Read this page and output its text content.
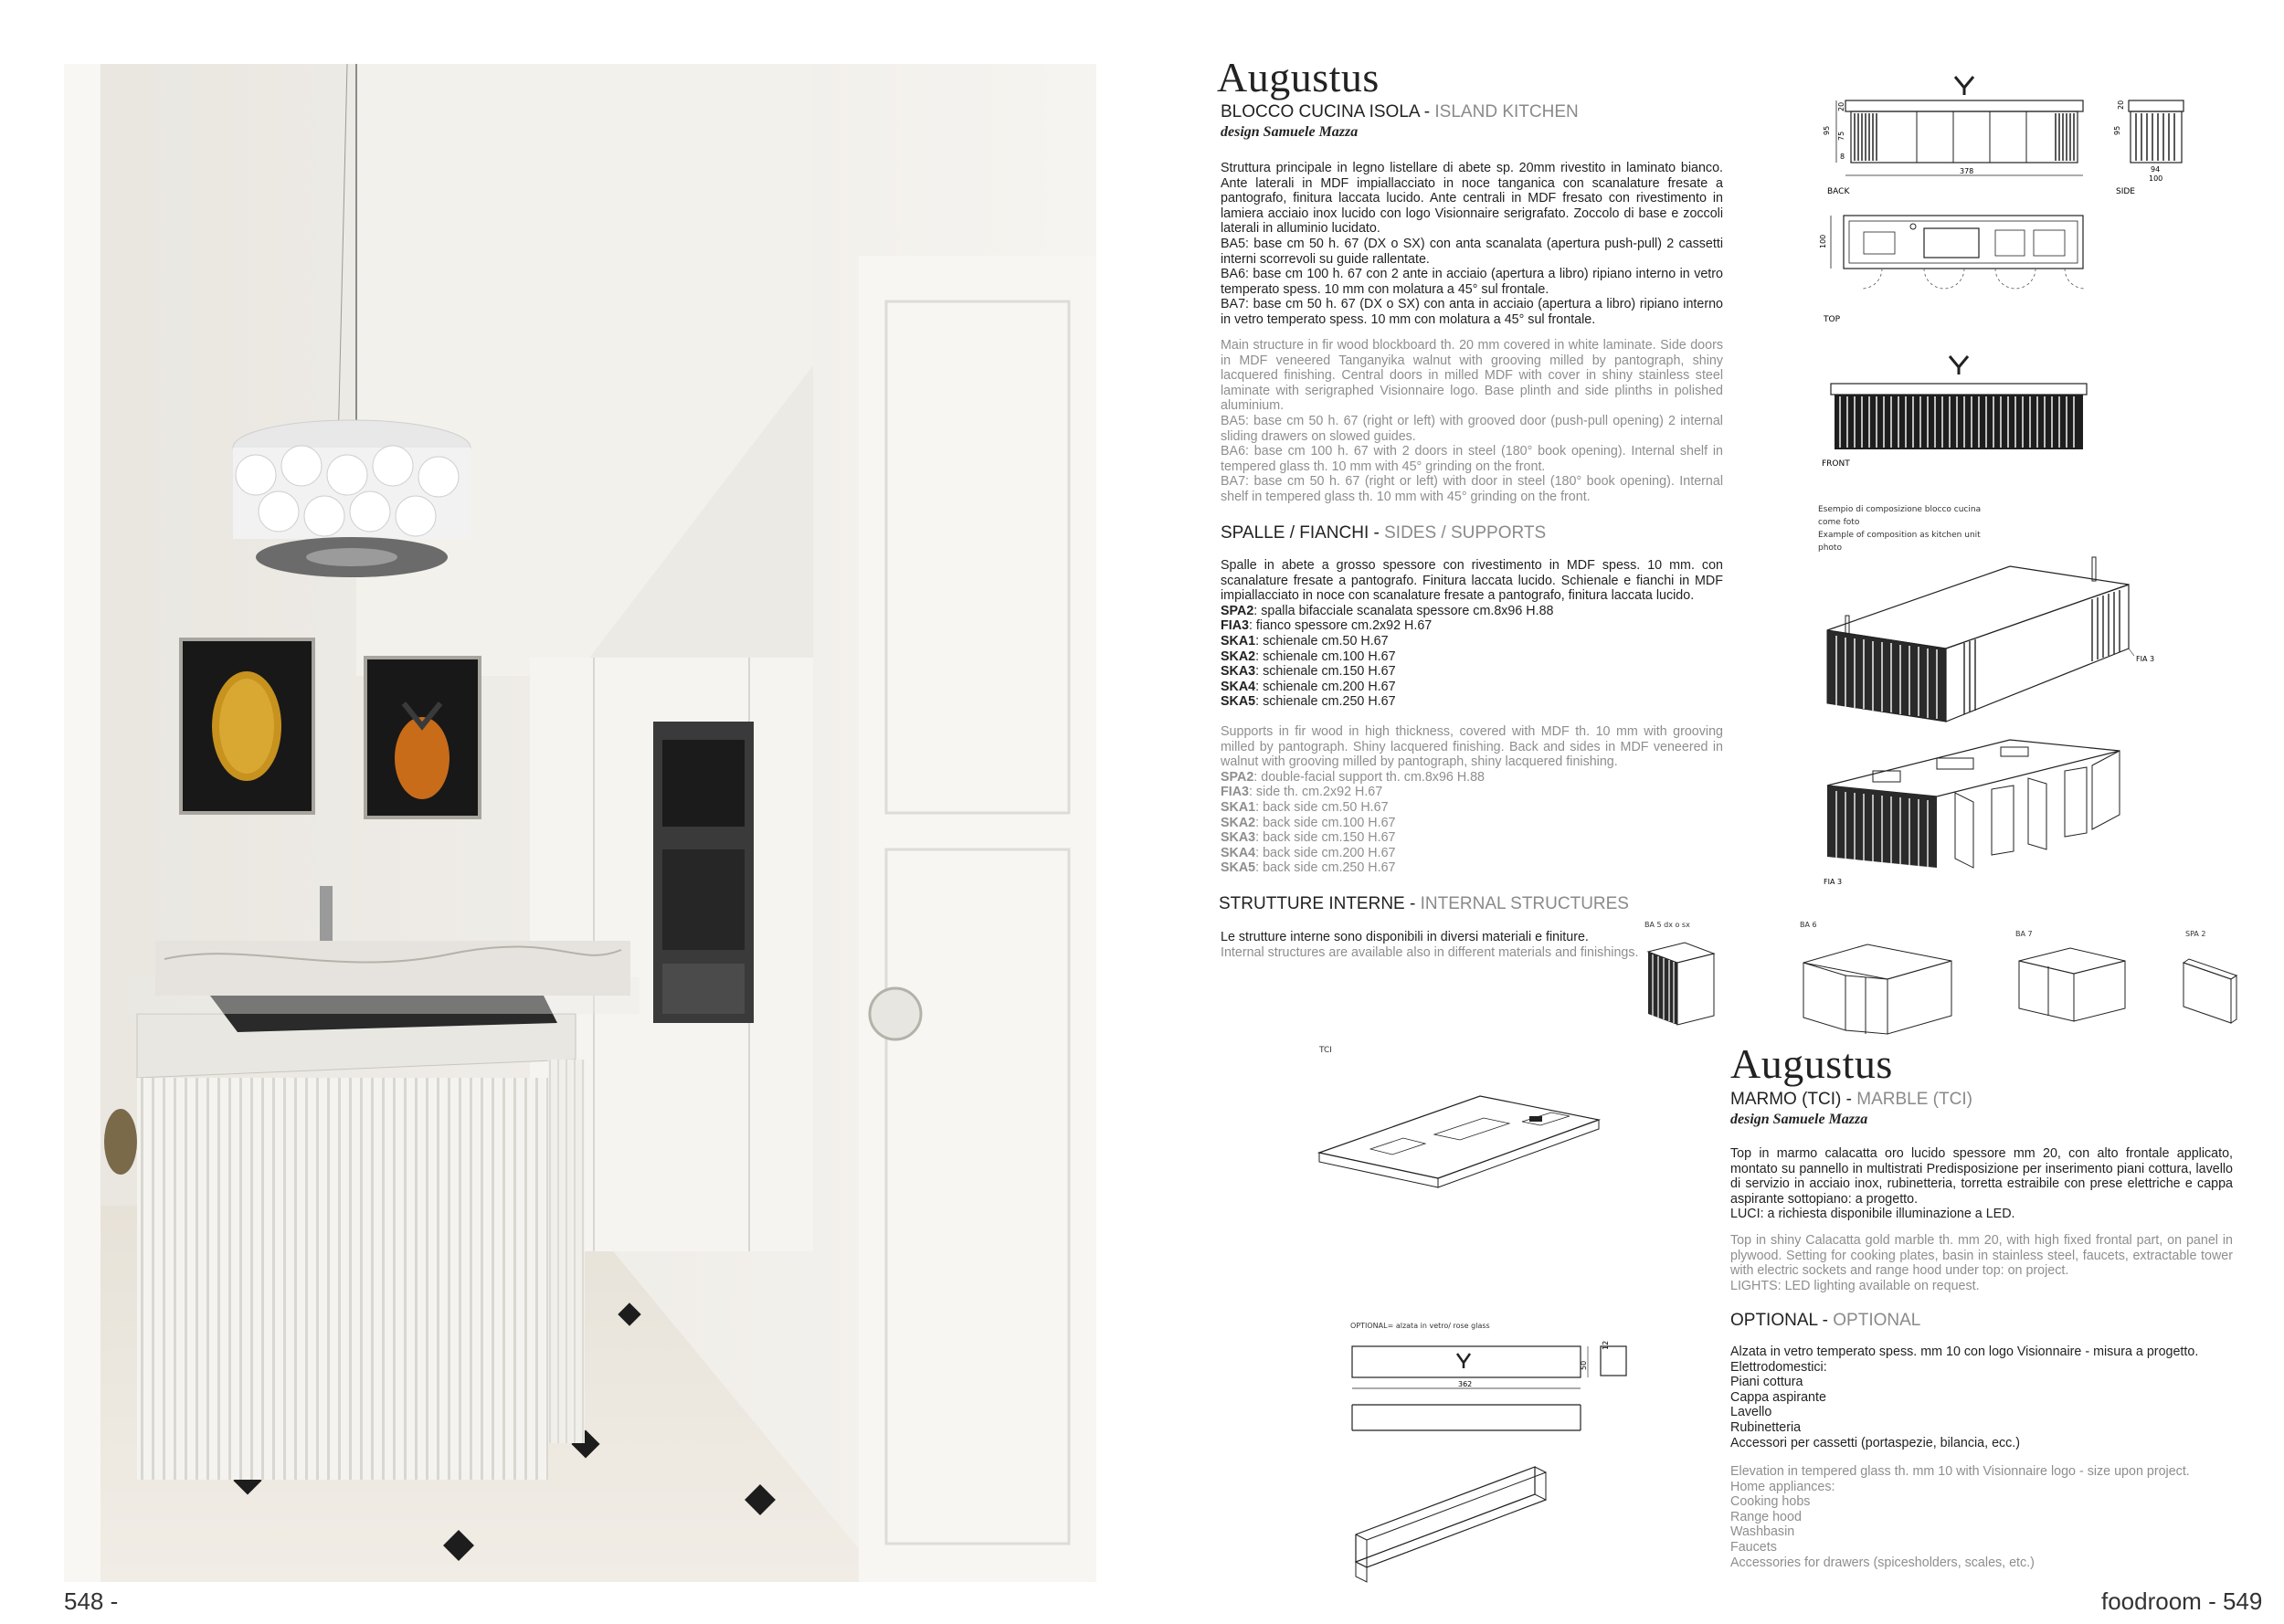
548 -	foodroom - 549
Augustus
BLOCCO CUCINA ISOLA - ISLAND KITCHEN
design Samuele Mazza

Struttura principale in legno listellare di abete sp. 20mm rivestito in laminato bianco. Ante laterali in MDF impiallacciato in noce tanganica con scanalature fresate a pantografo, finitura laccata lucido. Ante centrali in MDF fresato con rivestimento in lamiera acciaio inox lucido con logo Visionnaire serigrafato. Zoccolo di base e zoccoli laterali in alluminio lucidato.

BA5: base cm 50 h. 67 (DX o SX) con anta scanalata (apertura push-pull) 2 cassetti interni scorrevoli su guide rallentate.

BA6: base cm 100 h. 67 con 2 ante in acciaio (apertura a libro) ripiano interno in vetro temperato spess. 10 mm con molatura a 45° sul frontale.

BA7: base cm 50 h. 67 (DX o SX) con anta in acciaio (apertura a libro) ripiano interno in vetro temperato spess. 10 mm con molatura a 45° sul frontale.

Main structure in fir wood blockboard th. 20 mm covered in white laminate. Side doors in MDF veneered Tanganyika walnut with grooving milled by pantograph, shiny lacquered finishing. Central doors in milled MDF with cover in shiny stainless steel laminate with serigraphed Visionnaire logo. Base plinth and side plinths in polished aluminium.

BA5: base cm 50 h. 67 (right or left) with grooved door (push-pull opening) 2 internal sliding drawers on slowed guides.

BA6: base cm 100 h. 67 with 2 doors in steel (180° book opening). Internal shelf in tempered glass th. 10 mm with 45° grinding on the front.

BA7: base cm 50 h. 67 (right or left) with door in steel (180° book opening). Internal shelf in tempered glass th. 10 mm with 45° grinding on the front.

SPALLE / FIANCHI - SIDES / SUPPORTS

Spalle in abete a grosso spessore con rivestimento in MDF spess. 10 mm. con scanalature fresate a pantografo. Finitura laccata lucido. Schienale e fianchi in MDF impiallacciato in noce con scanalature fresate a pantografo, finitura laccata lucido.

SPA2: spalla bifacciale scanalata spessore cm.8x96 H.88
FIA3: fianco spessore cm.2x92 H.67
SKA1: schienale cm.50 H.67
SKA2: schienale cm.100 H.67
SKA3: schienale cm.150 H.67
SKA4: schienale cm.200 H.67
SKA5: schienale cm.250 H.67

Supports in fir wood in high thickness, covered with MDF th. 10 mm with grooving milled by pantograph. Shiny lacquered finishing. Back and sides in MDF veneered in walnut with grooving milled by pantograph, shiny lacquered finishing.

SPA2: double-facial support th. cm.8x96 H.88
FIA3: side th. cm.2x92 H.67
SKA1: back side cm.50 H.67
SKA2: back side cm.100 H.67
SKA3: back side cm.150 H.67
SKA4: back side cm.200 H.67
SKA5: back side cm.250 H.67
STRUTTURE INTERNE - INTERNAL STRUCTURES
Le strutture interne sono disponibili in diversi materiali e finiture.
Internal structures are available also in different materials and finishings.
378
95
20
75
8
BACK
95
20
94
100
SIDE
100
TOP
FRONT
Esempio di composizione blocco cucina
come foto
Example of composition as kitchen unit
photo
FIA 3
FIA 3
BA 5 dx o sx	BA 6
BA 7	SPA 2
TCI
OPTIONAL= alzata in vetro/ rose glass
362
50
12
Augustus
MARMO (TCI) - MARBLE (TCI)
design Samuele Mazza

Top in marmo calacatta oro lucido spessore mm 20, con alto frontale applicato, montato su pannello in multistrati Predisposizione per inserimento piani cottura, lavello di servizio in acciaio inox, rubinetteria, torretta estraibile con prese elettriche e cappa aspirante sottopiano: a progetto.

LUCI: a richiesta disponibile illuminazione a LED.

Top in shiny Calacatta gold marble th. mm 20, with high fixed frontal part, on panel in plywood. Setting for cooking plates, basin in stainless steel, faucets, extractable tower with electric sockets and range hood under top: on project.

LIGHTS: LED lighting available on request.

OPTIONAL - OPTIONAL
Alzata in vetro temperato spess. mm 10 con logo Visionnaire - misura a progetto.
Elettrodomestici:
Piani cottura
Cappa aspirante
Lavello
Rubinetteria
Accessori per cassetti (portaspezie, bilancia, ecc.)
Elevation in tempered glass th. mm 10 with Visionnaire logo - size upon project.
Home appliances:
Cooking hobs
Range hood
Washbasin
Faucets
Accessories for drawers (spicesholders, scales, etc.)
